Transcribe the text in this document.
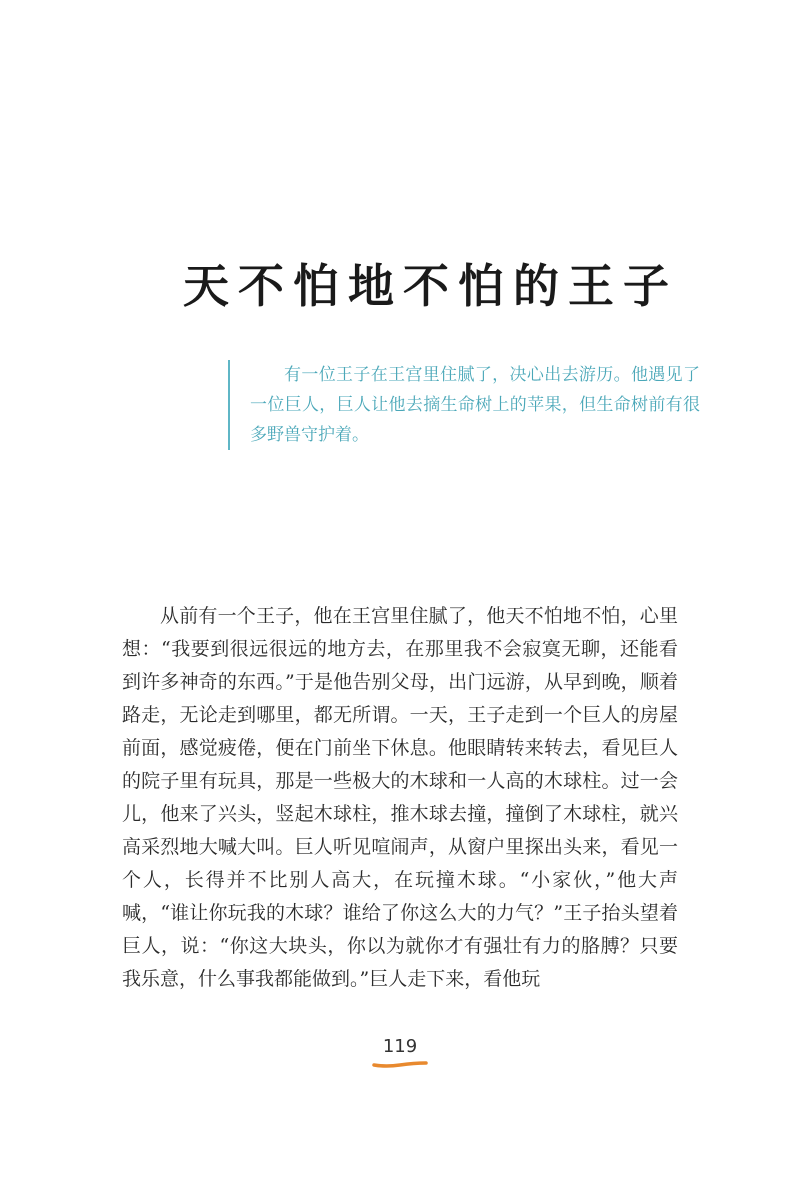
天不怕地不怕的王子

有一位王子在王宫里住腻了，决心出去游历。他遇见了一位巨人，巨人让他去摘生命树上的苹果，但生命树前有很多野兽守护着。

从前有一个王子，他在王宫里住腻了，他天不怕地不怕，心里想：“我要到很远很远的地方去，在那里我不会寂寞无聊，还能看到许多神奇的东西。”于是他告别父母，出门远游，从早到晚，顺着路走，无论走到哪里，都无所谓。一天，王子走到一个巨人的房屋前面，感觉疲倦，便在门前坐下休息。他眼睛转来转去，看见巨人的院子里有玩具，那是一些极大的木球和一人高的木球柱。过一会儿，他来了兴头，竖起木球柱，推木球去撞，撞倒了木球柱，就兴高采烈地大喊大叫。巨人听见喧闹声，从窗户里探出头来，看见一个人，长得并不比别人高大，在玩撞木球。“小家伙，”他大声喊，“谁让你玩我的木球？谁给了你这么大的力气？”王子抬头望着巨人，说：“你这大块头，你以为就你才有强壮有力的胳膊？只要我乐意，什么事我都能做到。”巨人走下来，看他玩

119
